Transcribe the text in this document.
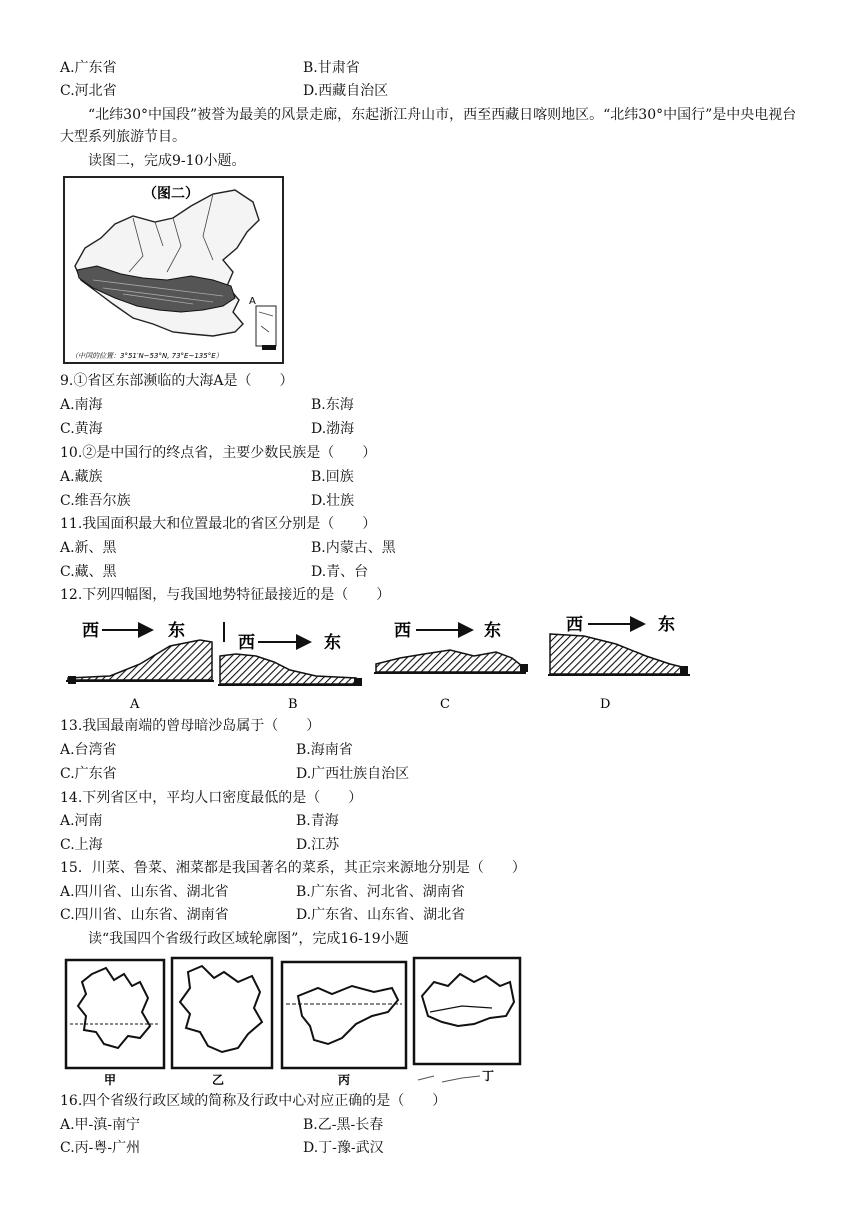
A.广东省	B.甘肃省
C.河北省	D.西藏自治区
“北纬30°中国段”被誉为最美的风景走廊，东起浙江舟山市，西至西藏日喀则地区。“北纬30°中国行”是中央电视台大型系列旅游节目。
读图二，完成9-10小题。
（图二）
A
（中国的位置：3°51′N~53°N, 73°E~135°E）
9.①省区东部濒临的大海A是（　　）
A.南海	B.东海
C.黄海	D.渤海
10.②是中国行的终点省，主要少数民族是（　　）
A.藏族	B.回族
C.维吾尔族	D.壮族
11.我国面积最大和位置最北的省区分别是（　　）
A.新、黑	B.内蒙古、黑
C.藏、黑	D.青、台
12.下列四幅图，与我国地势特征最接近的是（　　）
西	东
A
西	东
B
西	东
C
西	东
D
13.我国最南端的曾母暗沙岛属于（　　）
A.台湾省	B.海南省
C.广东省	D.广西壮族自治区
14.下列省区中，平均人口密度最低的是（　　）
A.河南	B.青海
C.上海	D.江苏
15．川菜、鲁菜、湘菜都是我国著名的菜系，其正宗来源地分别是（　　）
A.四川省、山东省、湖北省	B.广东省、河北省、湖南省
C.四川省、山东省、湖南省	D.广东省、山东省、湖北省
读“我国四个省级行政区域轮廓图”，完成16-19小题
甲	乙	丙	丁
16.四个省级行政区域的简称及行政中心对应正确的是（　　）
A.甲-滇-南宁	B.乙-黑-长春
C.丙-粤-广州	D.丁-豫-武汉
